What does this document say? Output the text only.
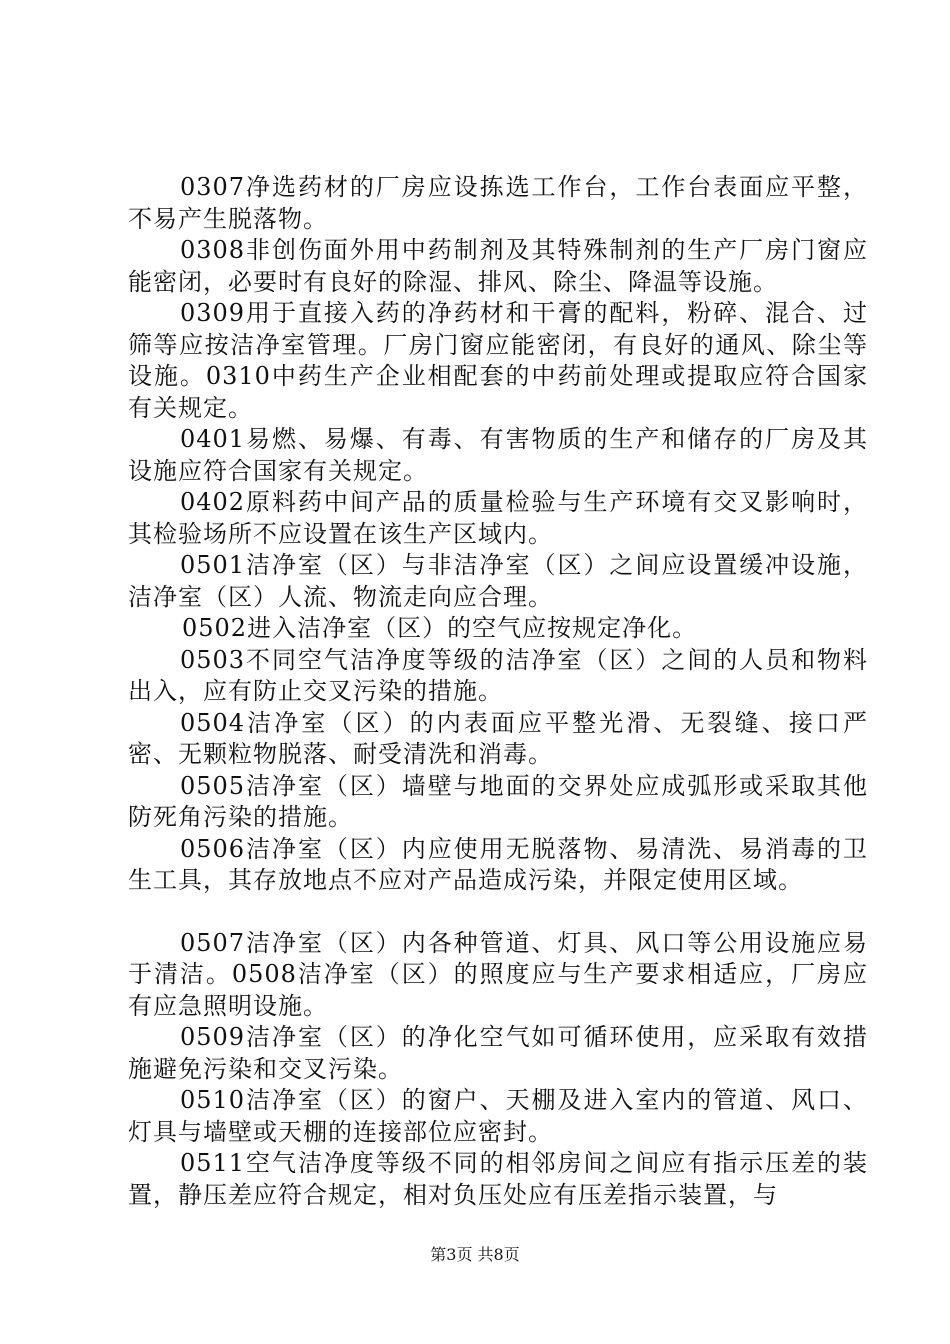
0307净选药材的厂房应设拣选工作台，工作台表面应平整，不易产生脱落物。

0308非创伤面外用中药制剂及其特殊制剂的生产厂房门窗应能密闭，必要时有良好的除湿、排风、除尘、降温等设施。

0309用于直接入药的净药材和干膏的配料，粉碎、混合、过筛等应按洁净室管理。厂房门窗应能密闭，有良好的通风、除尘等设施。0310中药生产企业相配套的中药前处理或提取应符合国家有关规定。

0401易燃、易爆、有毒、有害物质的生产和储存的厂房及其设施应符合国家有关规定。

0402原料药中间产品的质量检验与生产环境有交叉影响时，其检验场所不应设置在该生产区域内。

0501洁净室（区）与非洁净室（区）之间应设置缓冲设施，洁净室（区）人流、物流走向应合理。

0502进入洁净室（区）的空气应按规定净化。

0503不同空气洁净度等级的洁净室（区）之间的人员和物料出入，应有防止交叉污染的措施。

0504洁净室（区）的内表面应平整光滑、无裂缝、接口严密、无颗粒物脱落、耐受清洗和消毒。

0505洁净室（区）墙壁与地面的交界处应成弧形或采取其他防死角污染的措施。

0506洁净室（区）内应使用无脱落物、易清洗、易消毒的卫生工具，其存放地点不应对产品造成污染，并限定使用区域。

0507洁净室（区）内各种管道、灯具、风口等公用设施应易于清洁。0508洁净室（区）的照度应与生产要求相适应，厂房应有应急照明设施。

0509洁净室（区）的净化空气如可循环使用，应采取有效措施避免污染和交叉污染。

0510洁净室（区）的窗户、天棚及进入室内的管道、风口、灯具与墙壁或天棚的连接部位应密封。

0511空气洁净度等级不同的相邻房间之间应有指示压差的装置，静压差应符合规定，相对负压处应有压差指示装置，与

第3页 共8页
